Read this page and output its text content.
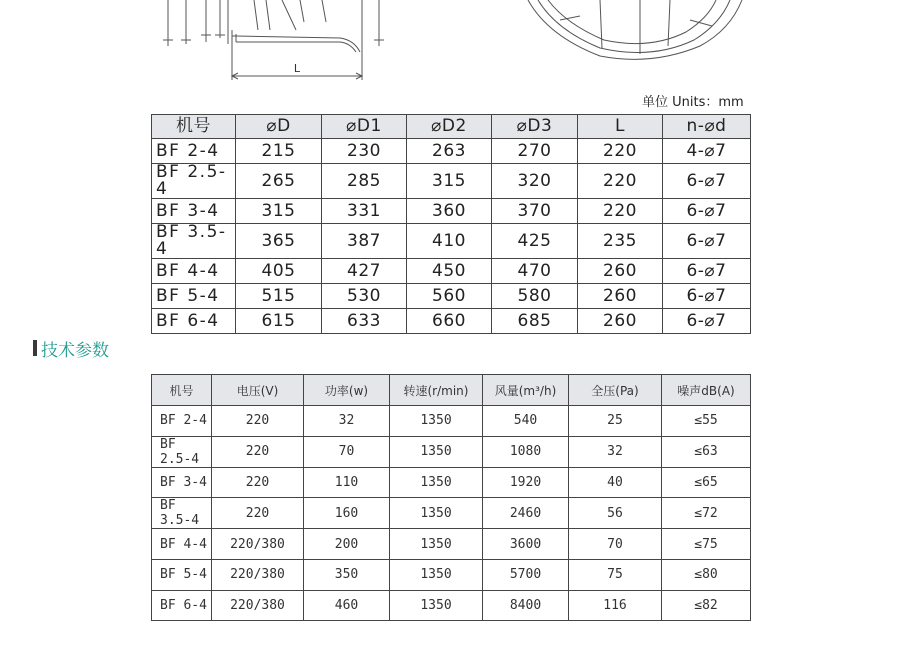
L
单位 Units：mm
机号	⌀D	⌀D1	⌀D2	⌀D3	L	n-⌀d
BF 2-4	215	230	263	270	220	4-⌀7
BF 2.5-4	265	285	315	320	220	6-⌀7
BF 3-4	315	331	360	370	220	6-⌀7
BF 3.5-4	365	387	410	425	235	6-⌀7
BF 4-4	405	427	450	470	260	6-⌀7
BF 5-4	515	530	560	580	260	6-⌀7
BF 6-4	615	633	660	685	260	6-⌀7
技术参数
机号	电压(V)	功率(w)	转速(r/min)	风量(m³/h)	全压(Pa)	噪声dB(A)
BF 2-4	220	32	1350	540	25	≤55
BF 2.5-4	220	70	1350	1080	32	≤63
BF 3-4	220	110	1350	1920	40	≤65
BF 3.5-4	220	160	1350	2460	56	≤72
BF 4-4	220/380	200	1350	3600	70	≤75
BF 5-4	220/380	350	1350	5700	75	≤80
BF 6-4	220/380	460	1350	8400	116	≤82
